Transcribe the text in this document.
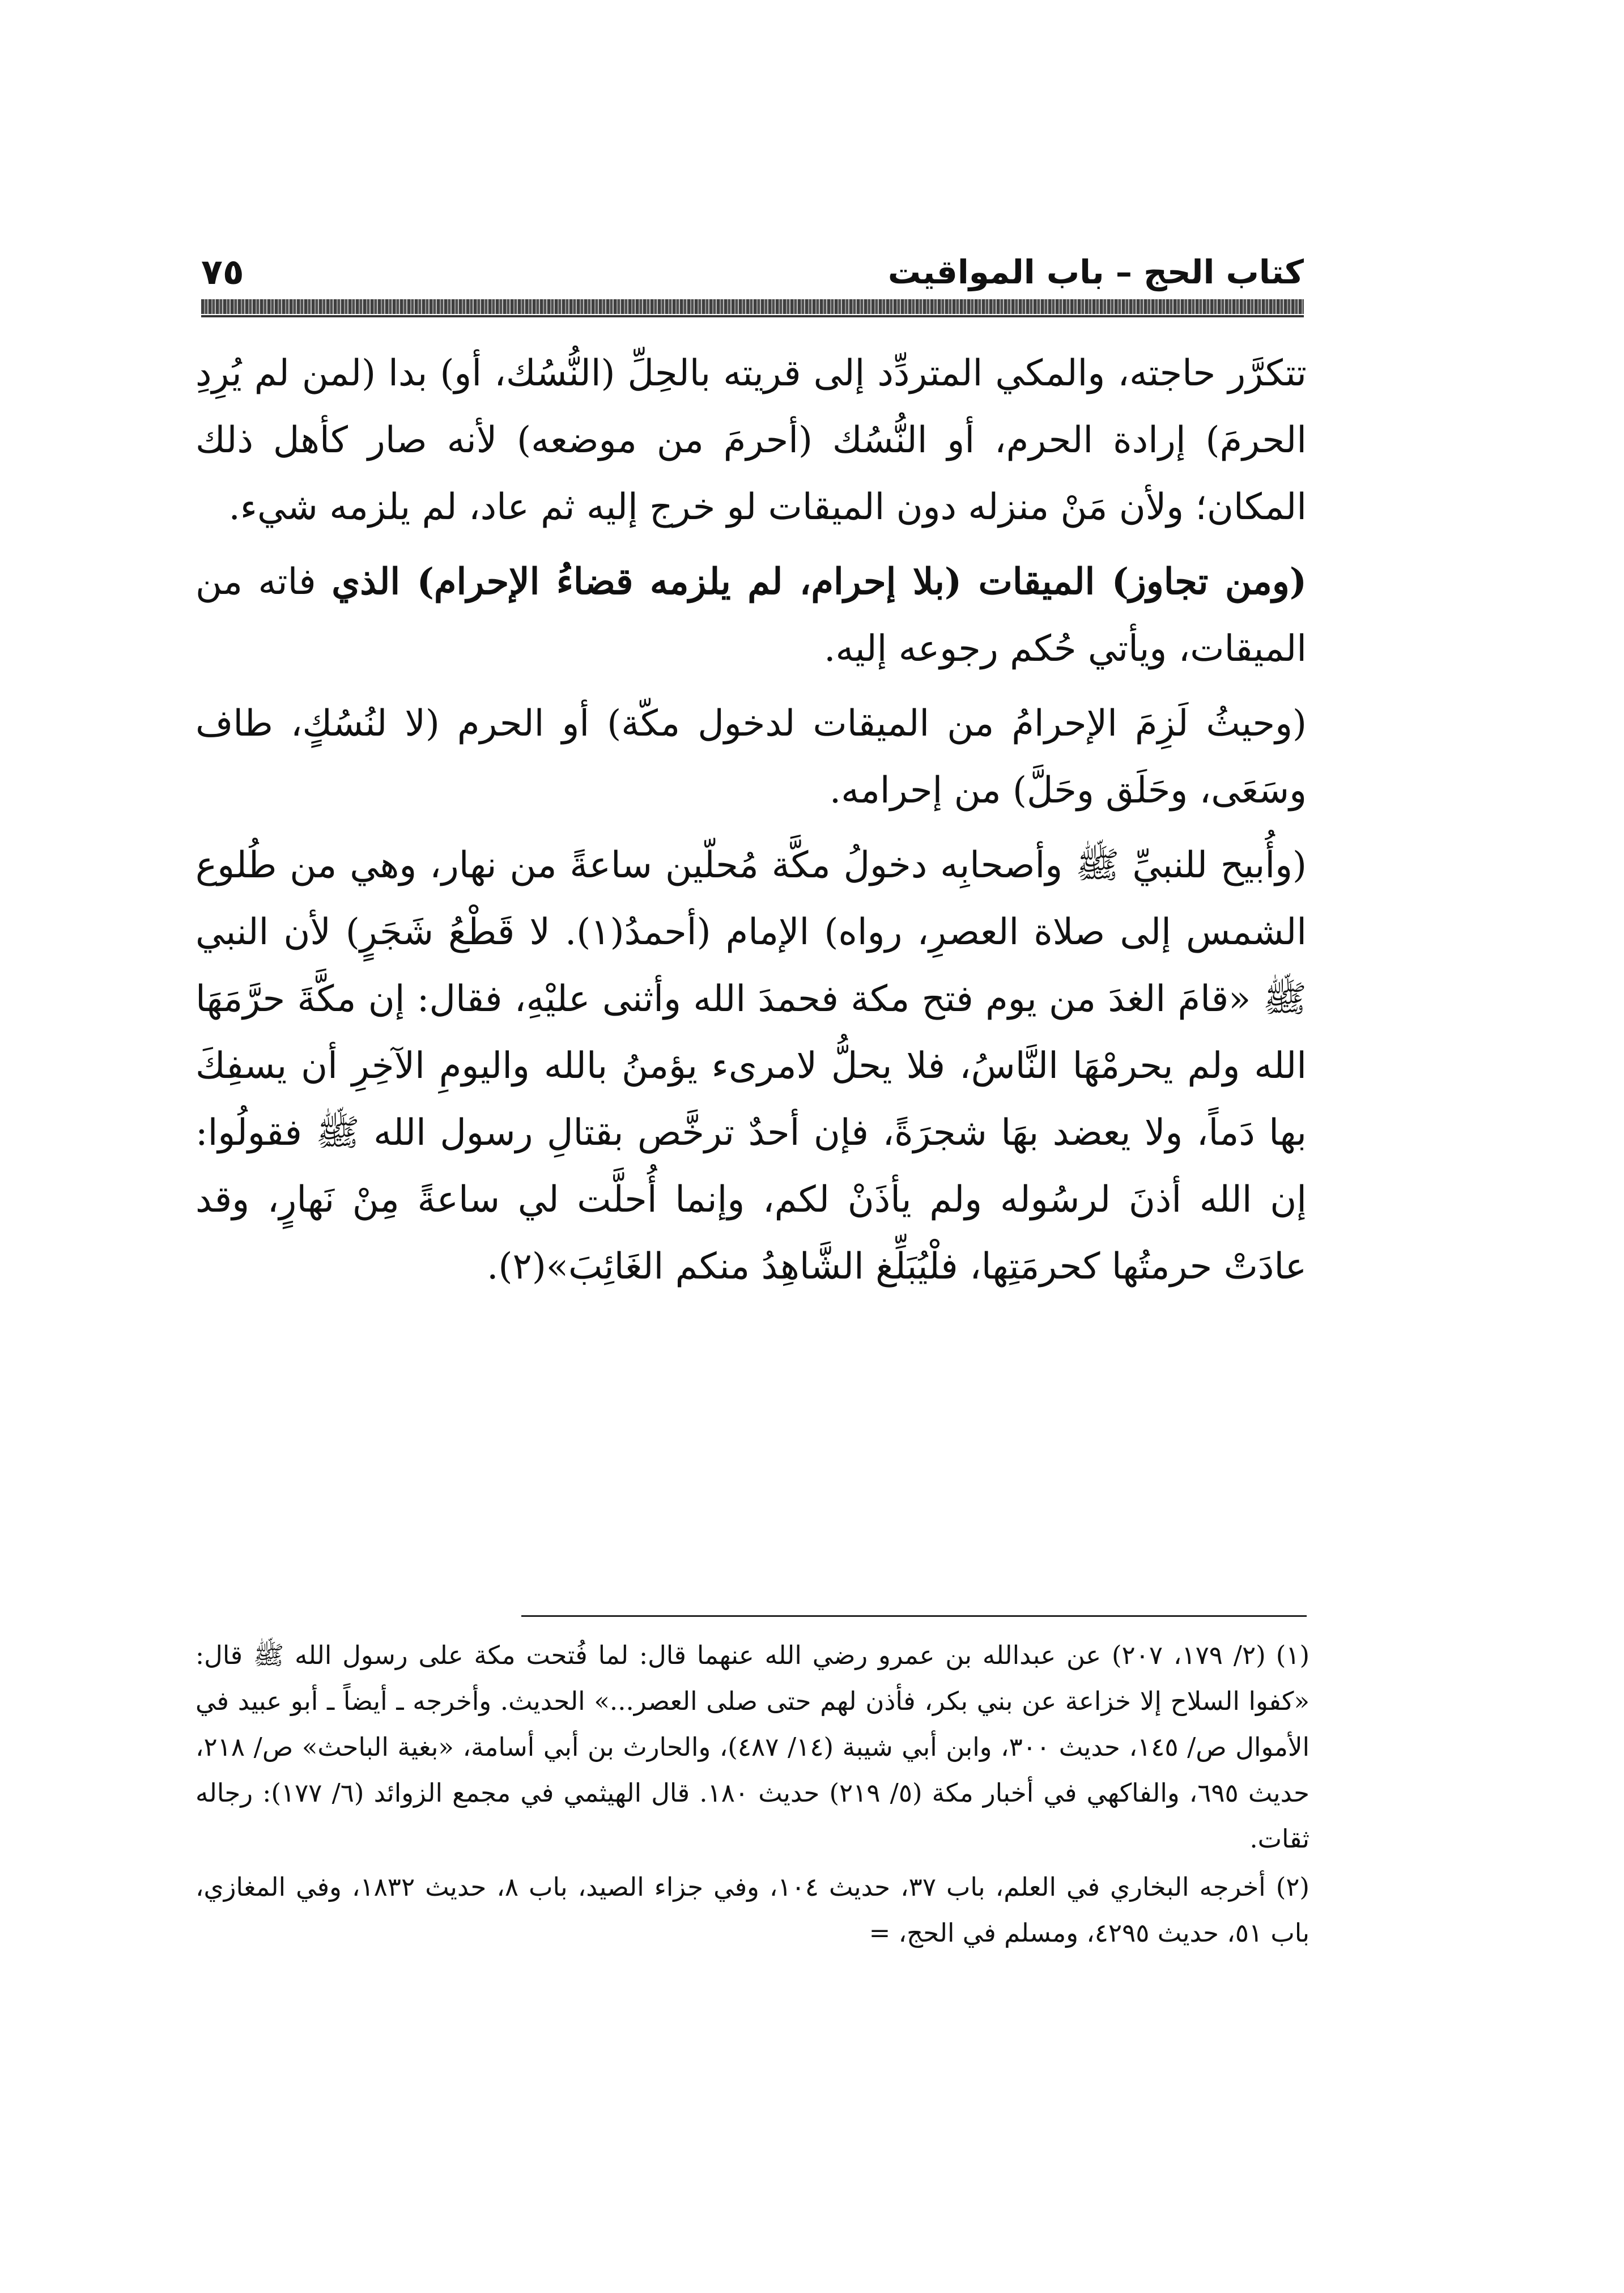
كتاب الحج – باب المواقيت
٧٥

تتكرَّر حاجته، والمكي المتردِّد إلى قريته بالحِلِّ (النُّسُك، أو) بدا (لمن لم يُرِدِ الحرمَ) إرادة الحرم، أو النُّسُك (أحرمَ من موضعه) لأنه صار كأهل ذلك المكان؛ ولأن مَنْ منزله دون الميقات لو خرج إليه ثم عاد، لم يلزمه شيء.

(ومن تجاوز) الميقات (بلا إحرام، لم يلزمه قضاءُ الإحرام) الذي فاته من الميقات، ويأتي حُكم رجوعه إليه.

(وحيثُ لَزِمَ الإحرامُ من الميقات لدخول مكّة) أو الحرم (لا لنُسُكٍ، طاف وسَعَى، وحَلَق وحَلَّ) من إحرامه.

(وأُبيح للنبيِّ ﷺ وأصحابِه دخولُ مكَّة مُحلّين ساعةً من نهار، وهي من طُلوع الشمس إلى صلاة العصرِ، رواه) الإمام (أحمدُ(١). لا قَطْعُ شَجَرٍ) لأن النبي ﷺ «قامَ الغدَ من يوم فتح مكة فحمدَ الله وأثنى عليْهِ، فقال: إن مكَّةَ حرَّمَهَا الله ولم يحرمْهَا النَّاسُ، فلا يحلُّ لامرىء يؤمنُ بالله واليومِ الآخِرِ أن يسفِكَ بها دَماً، ولا يعضد بهَا شجرَةً، فإن أحدٌ ترخَّص بقتالِ رسول الله ﷺ فقولُوا: إن الله أذنَ لرسُوله ولم يأذَنْ لكم، وإنما أُحلَّت لي ساعةً مِنْ نَهارٍ، وقد عادَتْ حرمتُها كحرمَتِها، فلْيُبَلِّغ الشَّاهِدُ منكم الغَائِبَ»(٢).

(١)(٢/ ١٧٩، ٢٠٧) عن عبدالله بن عمرو رضي الله عنهما قال: لما فُتحت مكة على رسول الله ﷺ قال: «كفوا السلاح إلا خزاعة عن بني بكر، فأذن لهم حتى صلى العصر...» الحديث. وأخرجه ـ أيضاً ـ أبو عبيد في الأموال ص/ ١٤٥، حديث ٣٠٠، وابن أبي شيبة (١٤/ ٤٨٧)، والحارث بن أبي أسامة، «بغية الباحث» ص/ ٢١٨، حديث ٦٩٥، والفاكهي في أخبار مكة (٥/ ٢١٩) حديث ١٨٠. قال الهيثمي في مجمع الزوائد (٦/ ١٧٧): رجاله ثقات.

(٢)أخرجه البخاري في العلم، باب ٣٧، حديث ١٠٤، وفي جزاء الصيد، باب ٨، حديث ١٨٣٢، وفي المغازي، باب ٥١، حديث ٤٢٩٥، ومسلم في الحج، =
